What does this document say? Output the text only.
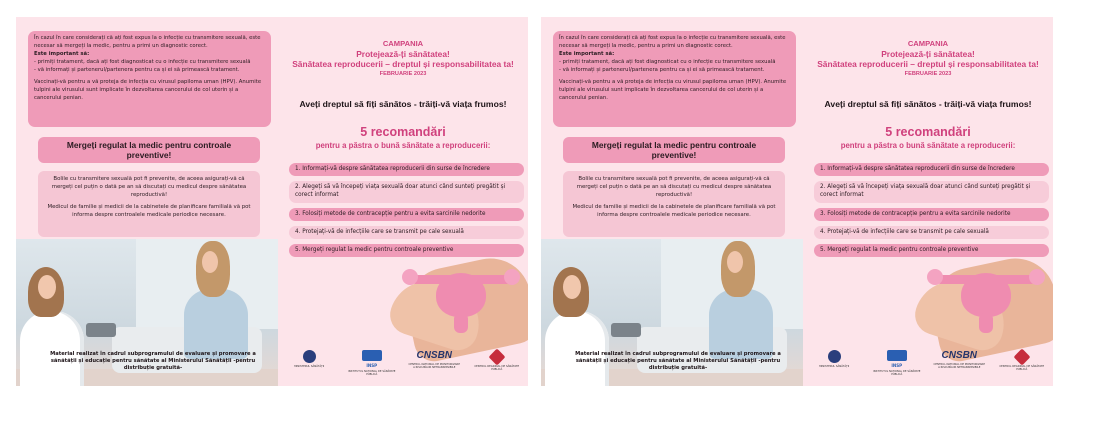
În cazul în care considerați că ați fost expus la o infecție cu transmitere sexuală, este necesar să mergeți la medic, pentru a primi un diagnostic corect.

Este important să:

- primiți tratament, dacă ați fost diagnosticat cu o infecție cu transmitere sexuală

- vă informați și partenerul/partenera pentru ca și ei să primească tratament.

Vaccinați-vă pentru a vă proteja de infecția cu virusul papiloma uman (HPV). Anumite tulpini ale virusului sunt implicate în dezvoltarea cancerului de col uterin și a cancerului penian.

Mergeți regulat la medic pentru controale preventive!

Bolile cu transmitere sexuală pot fi prevenite, de aceea asigurați-vă că mergeți cel puțin o dată pe an să discutați cu medicul despre sănătatea reproductivă!

Medicul de familie și medicii de la cabinetele de planificare familială vă pot informa despre controalele medicale periodice necesare.

Material realizat în cadrul subprogramului de evaluare și promovare a sănătății și educație pentru sănătate al Ministerului Sănătății -pentru distribuție gratuită-
CAMPANIA
Protejează-ți sănătatea!
Sănătatea reproducerii – dreptul și responsabilitatea ta!
FEBRUARIE 2023
Aveți dreptul să fiți sănătos - trăiți-vă viața frumos!
5 recomandări
pentru a păstra o bună sănătate a reproducerii:
1. Informați-vă despre sănătatea reproducerii din surse de încredere
2. Alegeți să vă începeți viața sexuală doar atunci când sunteți pregătit și corect informat
3. Folosiți metode de contracepție pentru a evita sarcinile nedorite
4. Protejați-vă de infecțiile care se transmit pe cale sexuală
5. Mergeți regulat la medic pentru controale preventive
MINISTERUL SĂNĂTĂȚII	INSP
INSTITUTUL NAȚIONAL DE SĂNĂTATE PUBLICĂ
CNSBN
CENTRUL NAȚIONAL DE MONITORIZARE A RISCURILOR NETRANSMISIBILE	CENTRUL REGIONAL DE SĂNĂTATE PUBLICĂ

În cazul în care considerați că ați fost expus la o infecție cu transmitere sexuală, este necesar să mergeți la medic, pentru a primi un diagnostic corect.

Este important să:

- primiți tratament, dacă ați fost diagnosticat cu o infecție cu transmitere sexuală

- vă informați și partenerul/partenera pentru ca și ei să primească tratament.

Vaccinați-vă pentru a vă proteja de infecția cu virusul papiloma uman (HPV). Anumite tulpini ale virusului sunt implicate în dezvoltarea cancerului de col uterin și a cancerului penian.

Mergeți regulat la medic pentru controale preventive!

Bolile cu transmitere sexuală pot fi prevenite, de aceea asigurați-vă că mergeți cel puțin o dată pe an să discutați cu medicul despre sănătatea reproductivă!

Medicul de familie și medicii de la cabinetele de planificare familială vă pot informa despre controalele medicale periodice necesare.

Material realizat în cadrul subprogramului de evaluare și promovare a sănătății și educație pentru sănătate al Ministerului Sănătății -pentru distribuție gratuită-
CAMPANIA
Protejează-ți sănătatea!
Sănătatea reproducerii – dreptul și responsabilitatea ta!
FEBRUARIE 2023
Aveți dreptul să fiți sănătos - trăiți-vă viața frumos!
5 recomandări
pentru a păstra o bună sănătate a reproducerii:
1. Informați-vă despre sănătatea reproducerii din surse de încredere
2. Alegeți să vă începeți viața sexuală doar atunci când sunteți pregătit și corect informat
3. Folosiți metode de contracepție pentru a evita sarcinile nedorite
4. Protejați-vă de infecțiile care se transmit pe cale sexuală
5. Mergeți regulat la medic pentru controale preventive
MINISTERUL SĂNĂTĂȚII	INSP
INSTITUTUL NAȚIONAL DE SĂNĂTATE PUBLICĂ
CNSBN
CENTRUL NAȚIONAL DE MONITORIZARE A RISCURILOR NETRANSMISIBILE	CENTRUL REGIONAL DE SĂNĂTATE PUBLICĂ
